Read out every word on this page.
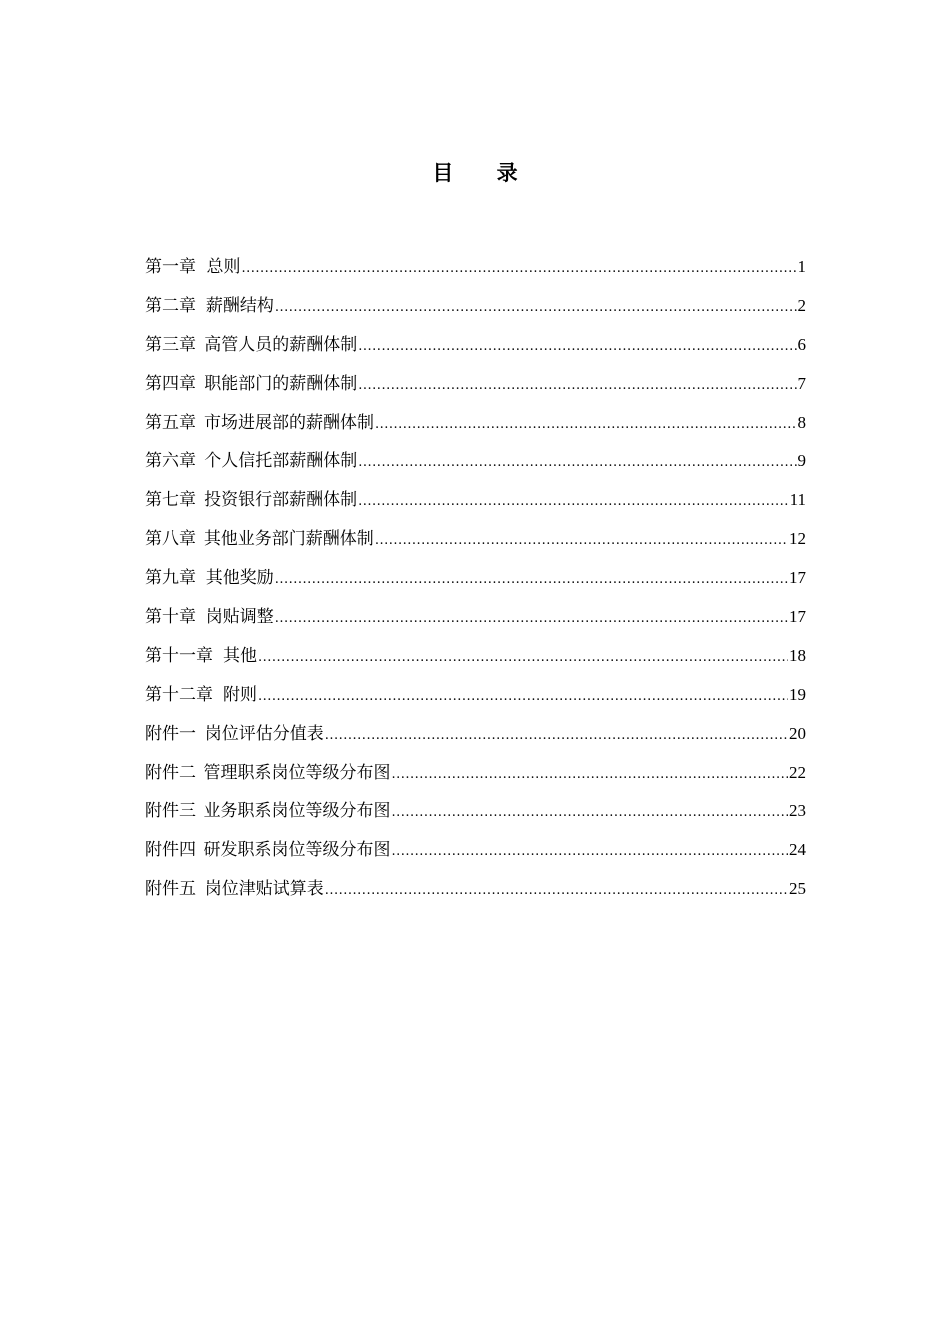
目 录
第一章 总则 .....	1
第二章 薪酬结构 .....	2
第三章 高管人员的薪酬体制 .....	6
第四章 职能部门的薪酬体制 .....	7
第五章 市场进展部的薪酬体制 .....	8
第六章 个人信托部薪酬体制 .....	9
第七章 投资银行部薪酬体制 .....	11
第八章 其他业务部门薪酬体制 .....	12
第九章 其他奖励 .....	17
第十章 岗贴调整 .....	17
第十一章 其他 .....	18
第十二章 附则 .....	19
附件一 岗位评估分值表 .....	20
附件二 管理职系岗位等级分布图 .....	22
附件三 业务职系岗位等级分布图 .....	23
附件四 研发职系岗位等级分布图 .....	24
附件五 岗位津贴试算表 .....	25
